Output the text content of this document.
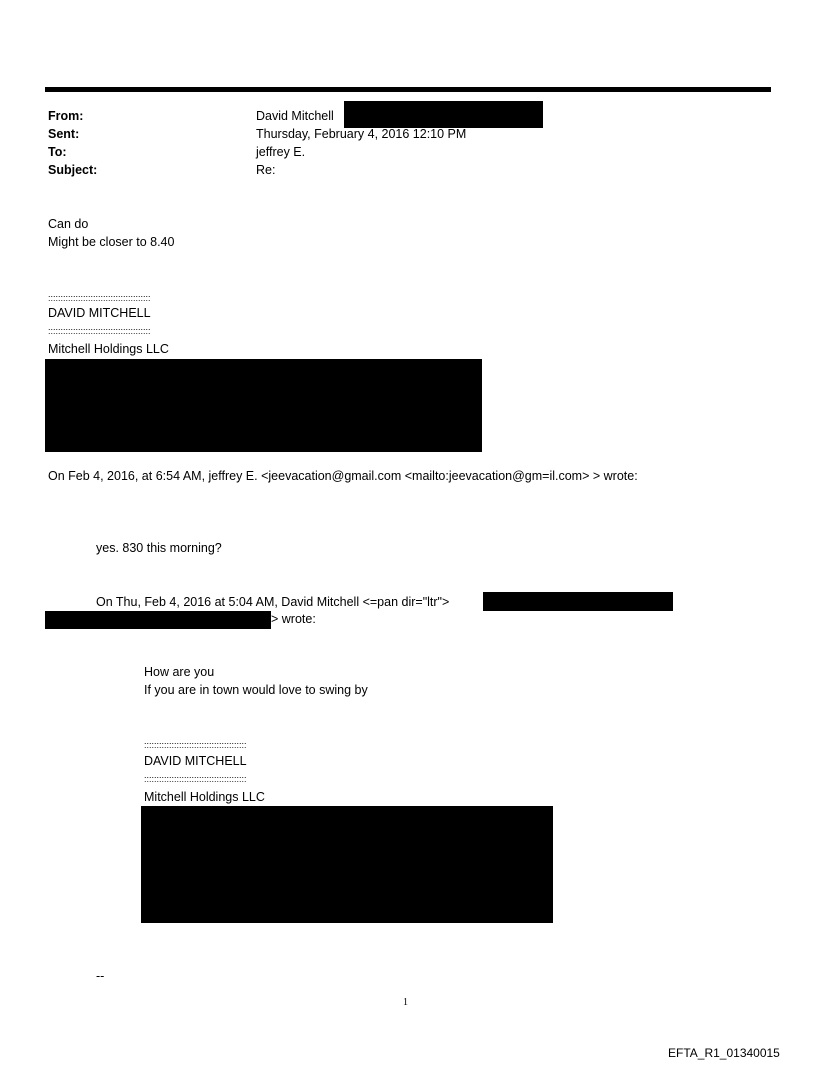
From:	David Mitchell
Sent:	Thursday, February 4, 2016 12:10 PM
To:	jeffrey E.
Subject:	Re:
Can do
Might be closer to 8.40
:::::::::::::::::::::::::::::::::::::::::
DAVID MITCHELL
:::::::::::::::::::::::::::::::::::::::::
Mitchell Holdings LLC
On Feb 4, 2016, at 6:54 AM, jeffrey E. <jeevacation@gmail.com <mailto:jeevacation@gm=il.com> > wrote:
yes. 830 this morning?
On Thu, Feb 4, 2016 at 5:04 AM, David Mitchell <=pan dir="ltr">
> wrote:
How are you
If you are in town would love to swing by
:::::::::::::::::::::::::::::::::::::::::
DAVID MITCHELL
:::::::::::::::::::::::::::::::::::::::::
Mitchell Holdings LLC
--
1
EFTA_R1_01340015
